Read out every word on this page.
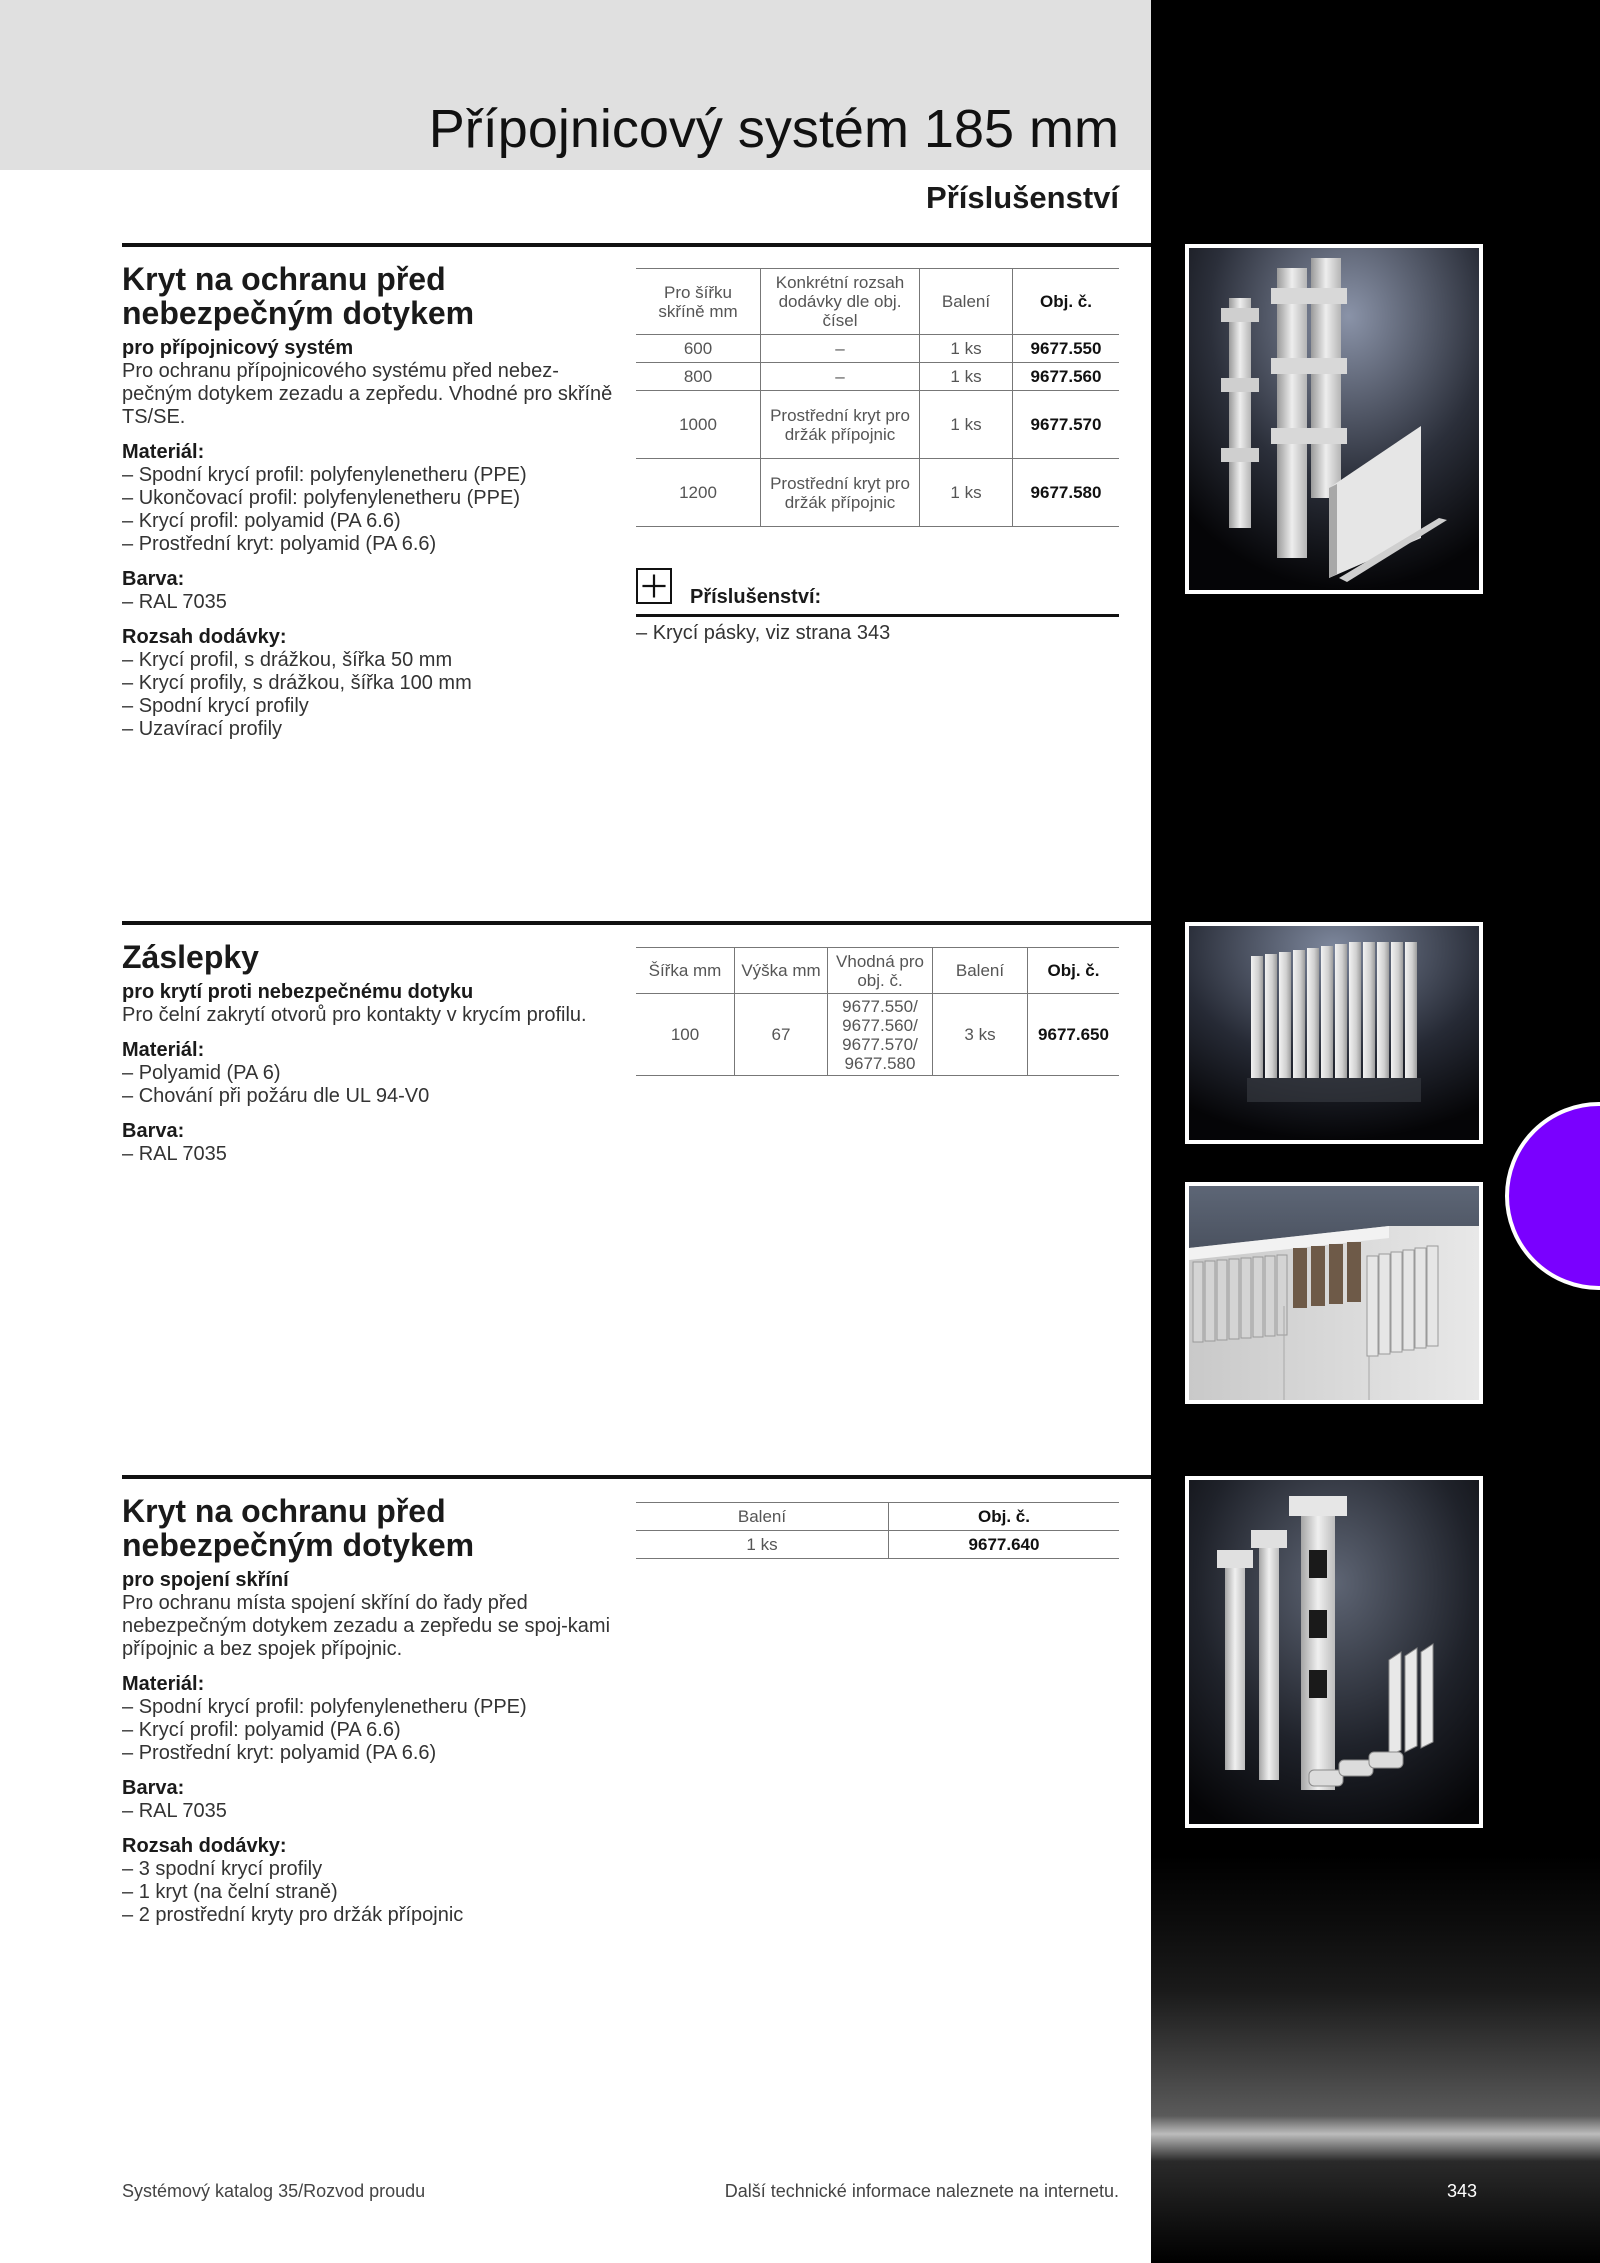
Přípojnicový systém 185 mm
Příslušenství
Kryt na ochranu před
nebezpečným dotykem
pro přípojnicový systém

Pro ochranu přípojnicového systému před nebez-pečným dotykem zezadu a zepředu. Vhodné pro skříně TS/SE.

Materiál:
– Spodní krycí profil: polyfenylenetheru (PPE)
– Ukončovací profil: polyfenylenetheru (PPE)
– Krycí profil: polyamid (PA 6.6)
– Prostřední kryt: polyamid (PA 6.6)
Barva:
– RAL 7035
Rozsah dodávky:
– Krycí profil, s drážkou, šířka 50 mm
– Krycí profily, s drážkou, šířka 100 mm
– Spodní krycí profily
– Uzavírací profily
Pro šířku skříně mm	Konkrétní rozsah dodávky dle obj. čísel	Balení	Obj. č.
600	–	1 ks	9677.550
800	–	1 ks	9677.560
1000	Prostřední kryt pro držák přípojnic	1 ks	9677.570
1200	Prostřední kryt pro držák přípojnic	1 ks	9677.580
Příslušenství:
– Krycí pásky, viz strana 343
Záslepky
pro krytí proti nebezpečnému dotyku

Pro čelní zakrytí otvorů pro kontakty v krycím profilu.

Materiál:
– Polyamid (PA 6)
– Chování při požáru dle UL 94-V0
Barva:
– RAL 7035
Šířka mm	Výška mm	Vhodná pro obj. č.	Balení	Obj. č.
100	67	9677.550/ 9677.560/ 9677.570/ 9677.580	3 ks	9677.650
Kryt na ochranu před
nebezpečným dotykem
pro spojení skříní

Pro ochranu místa spojení skříní do řady před nebezpečným dotykem zezadu a zepředu se spoj-kami přípojnic a bez spojek přípojnic.

Materiál:
– Spodní krycí profil: polyfenylenetheru (PPE)
– Krycí profil: polyamid (PA 6.6)
– Prostřední kryt: polyamid (PA 6.6)
Barva:
– RAL 7035
Rozsah dodávky:
– 3 spodní krycí profily
– 1 kryt (na čelní straně)
– 2 prostřední kryty pro držák přípojnic
Balení	Obj. č.
1 ks	9677.640
Systémový katalog 35/Rozvod proudu	Další technické informace naleznete na internetu.	343
